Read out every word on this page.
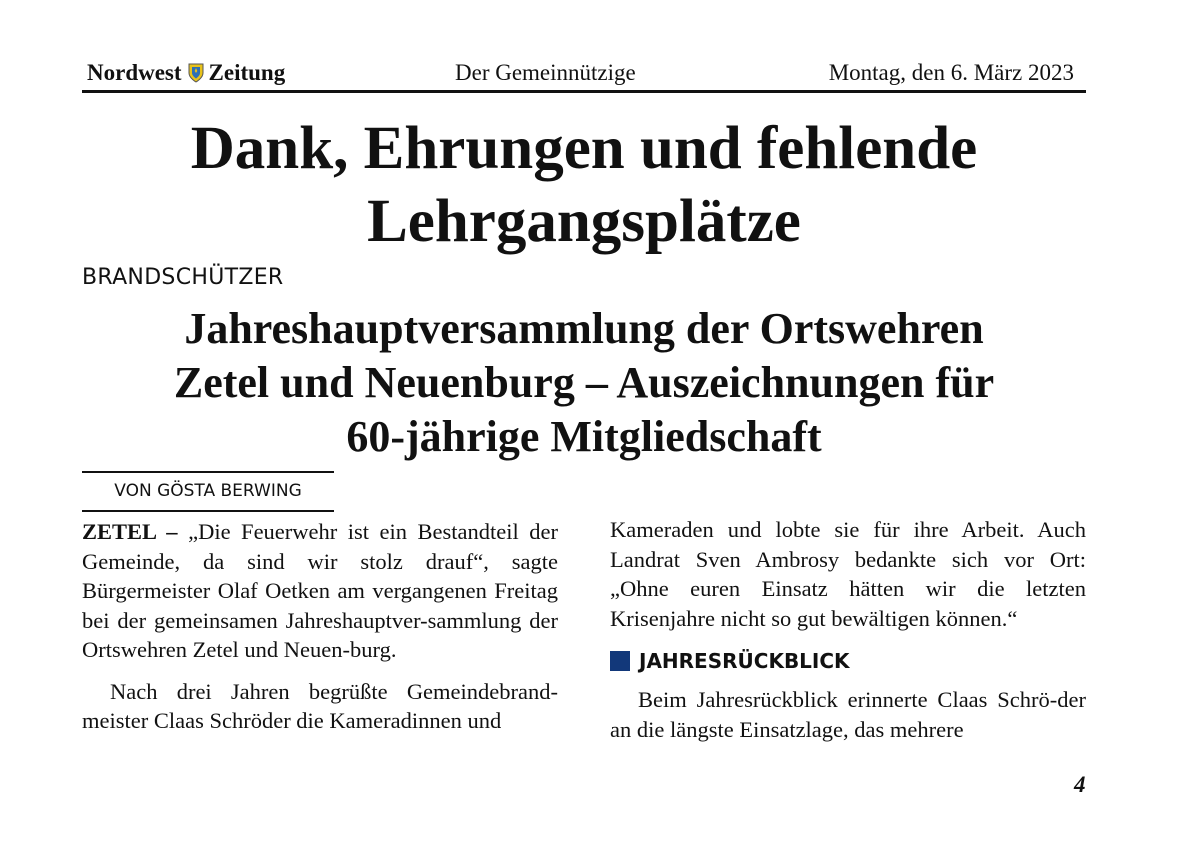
Nordwest Zeitung	Der Gemeinnützige	Montag, den 6. März 2023
Dank, Ehrungen und fehlende
Lehrgangsplätze
BRANDSCHÜTZER
Jahreshauptversammlung der Ortswehren
Zetel und Neuenburg – Auszeichnungen für
60-jährige Mitgliedschaft
VON GÖSTA BERWING

ZETEL – „Die Feuerwehr ist ein Bestandteil der Gemeinde, da sind wir stolz drauf“, sagte Bürgermeister Olaf Oetken am vergangenen Freitag bei der gemeinsamen Jahreshauptver-sammlung der Ortswehren Zetel und Neuen-burg.

Nach drei Jahren begrüßte Gemeindebrand-meister Claas Schröder die Kameradinnen und

Kameraden und lobte sie für ihre Arbeit. Auch Landrat Sven Ambrosy bedankte sich vor Ort: „Ohne euren Einsatz hätten wir die letzten Krisenjahre nicht so gut bewältigen können.“

JAHRESRÜCKBLICK

Beim Jahresrückblick erinnerte Claas Schrö-der an die längste Einsatzlage, das mehrere

4
